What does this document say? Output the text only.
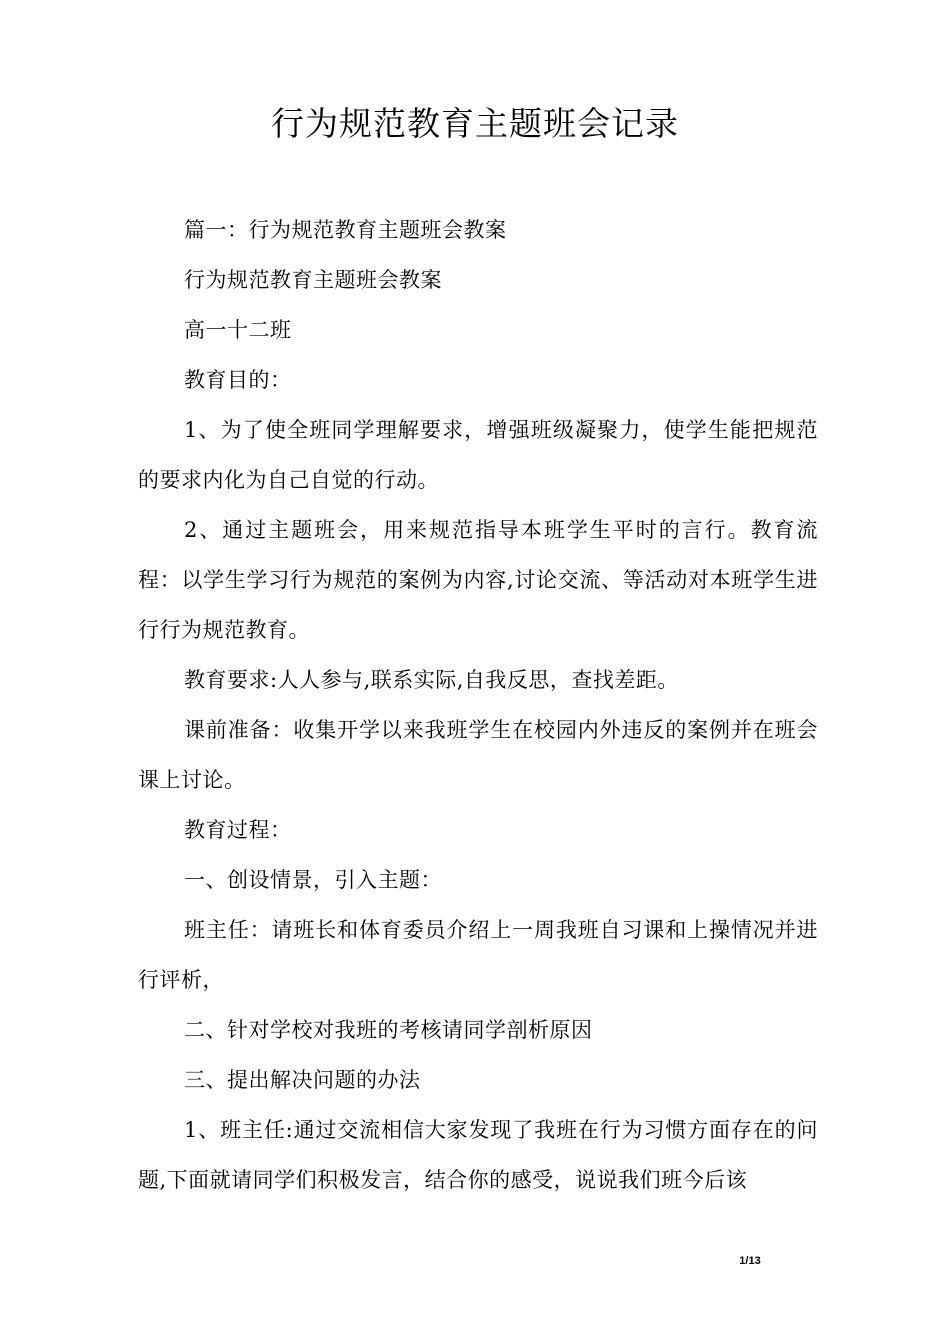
行为规范教育主题班会记录

篇一：行为规范教育主题班会教案

行为规范教育主题班会教案

高一十二班

教育目的：

1、为了使全班同学理解要求，增强班级凝聚力，使学生能把规范的要求内化为自己自觉的行动。

2、通过主题班会，用来规范指导本班学生平时的言行。教育流程：以学生学习行为规范的案例为内容,讨论交流、等活动对本班学生进行行为规范教育。

教育要求:人人参与,联系实际,自我反思，查找差距。

课前准备：收集开学以来我班学生在校园内外违反的案例并在班会课上讨论。

教育过程：

一、创设情景，引入主题：

班主任：请班长和体育委员介绍上一周我班自习课和上操情况并进行评析，

二、针对学校对我班的考核请同学剖析原因

三、提出解决问题的办法

1、班主任:通过交流相信大家发现了我班在行为习惯方面存在的问题,下面就请同学们积极发言，结合你的感受，说说我们班今后该

1/13
